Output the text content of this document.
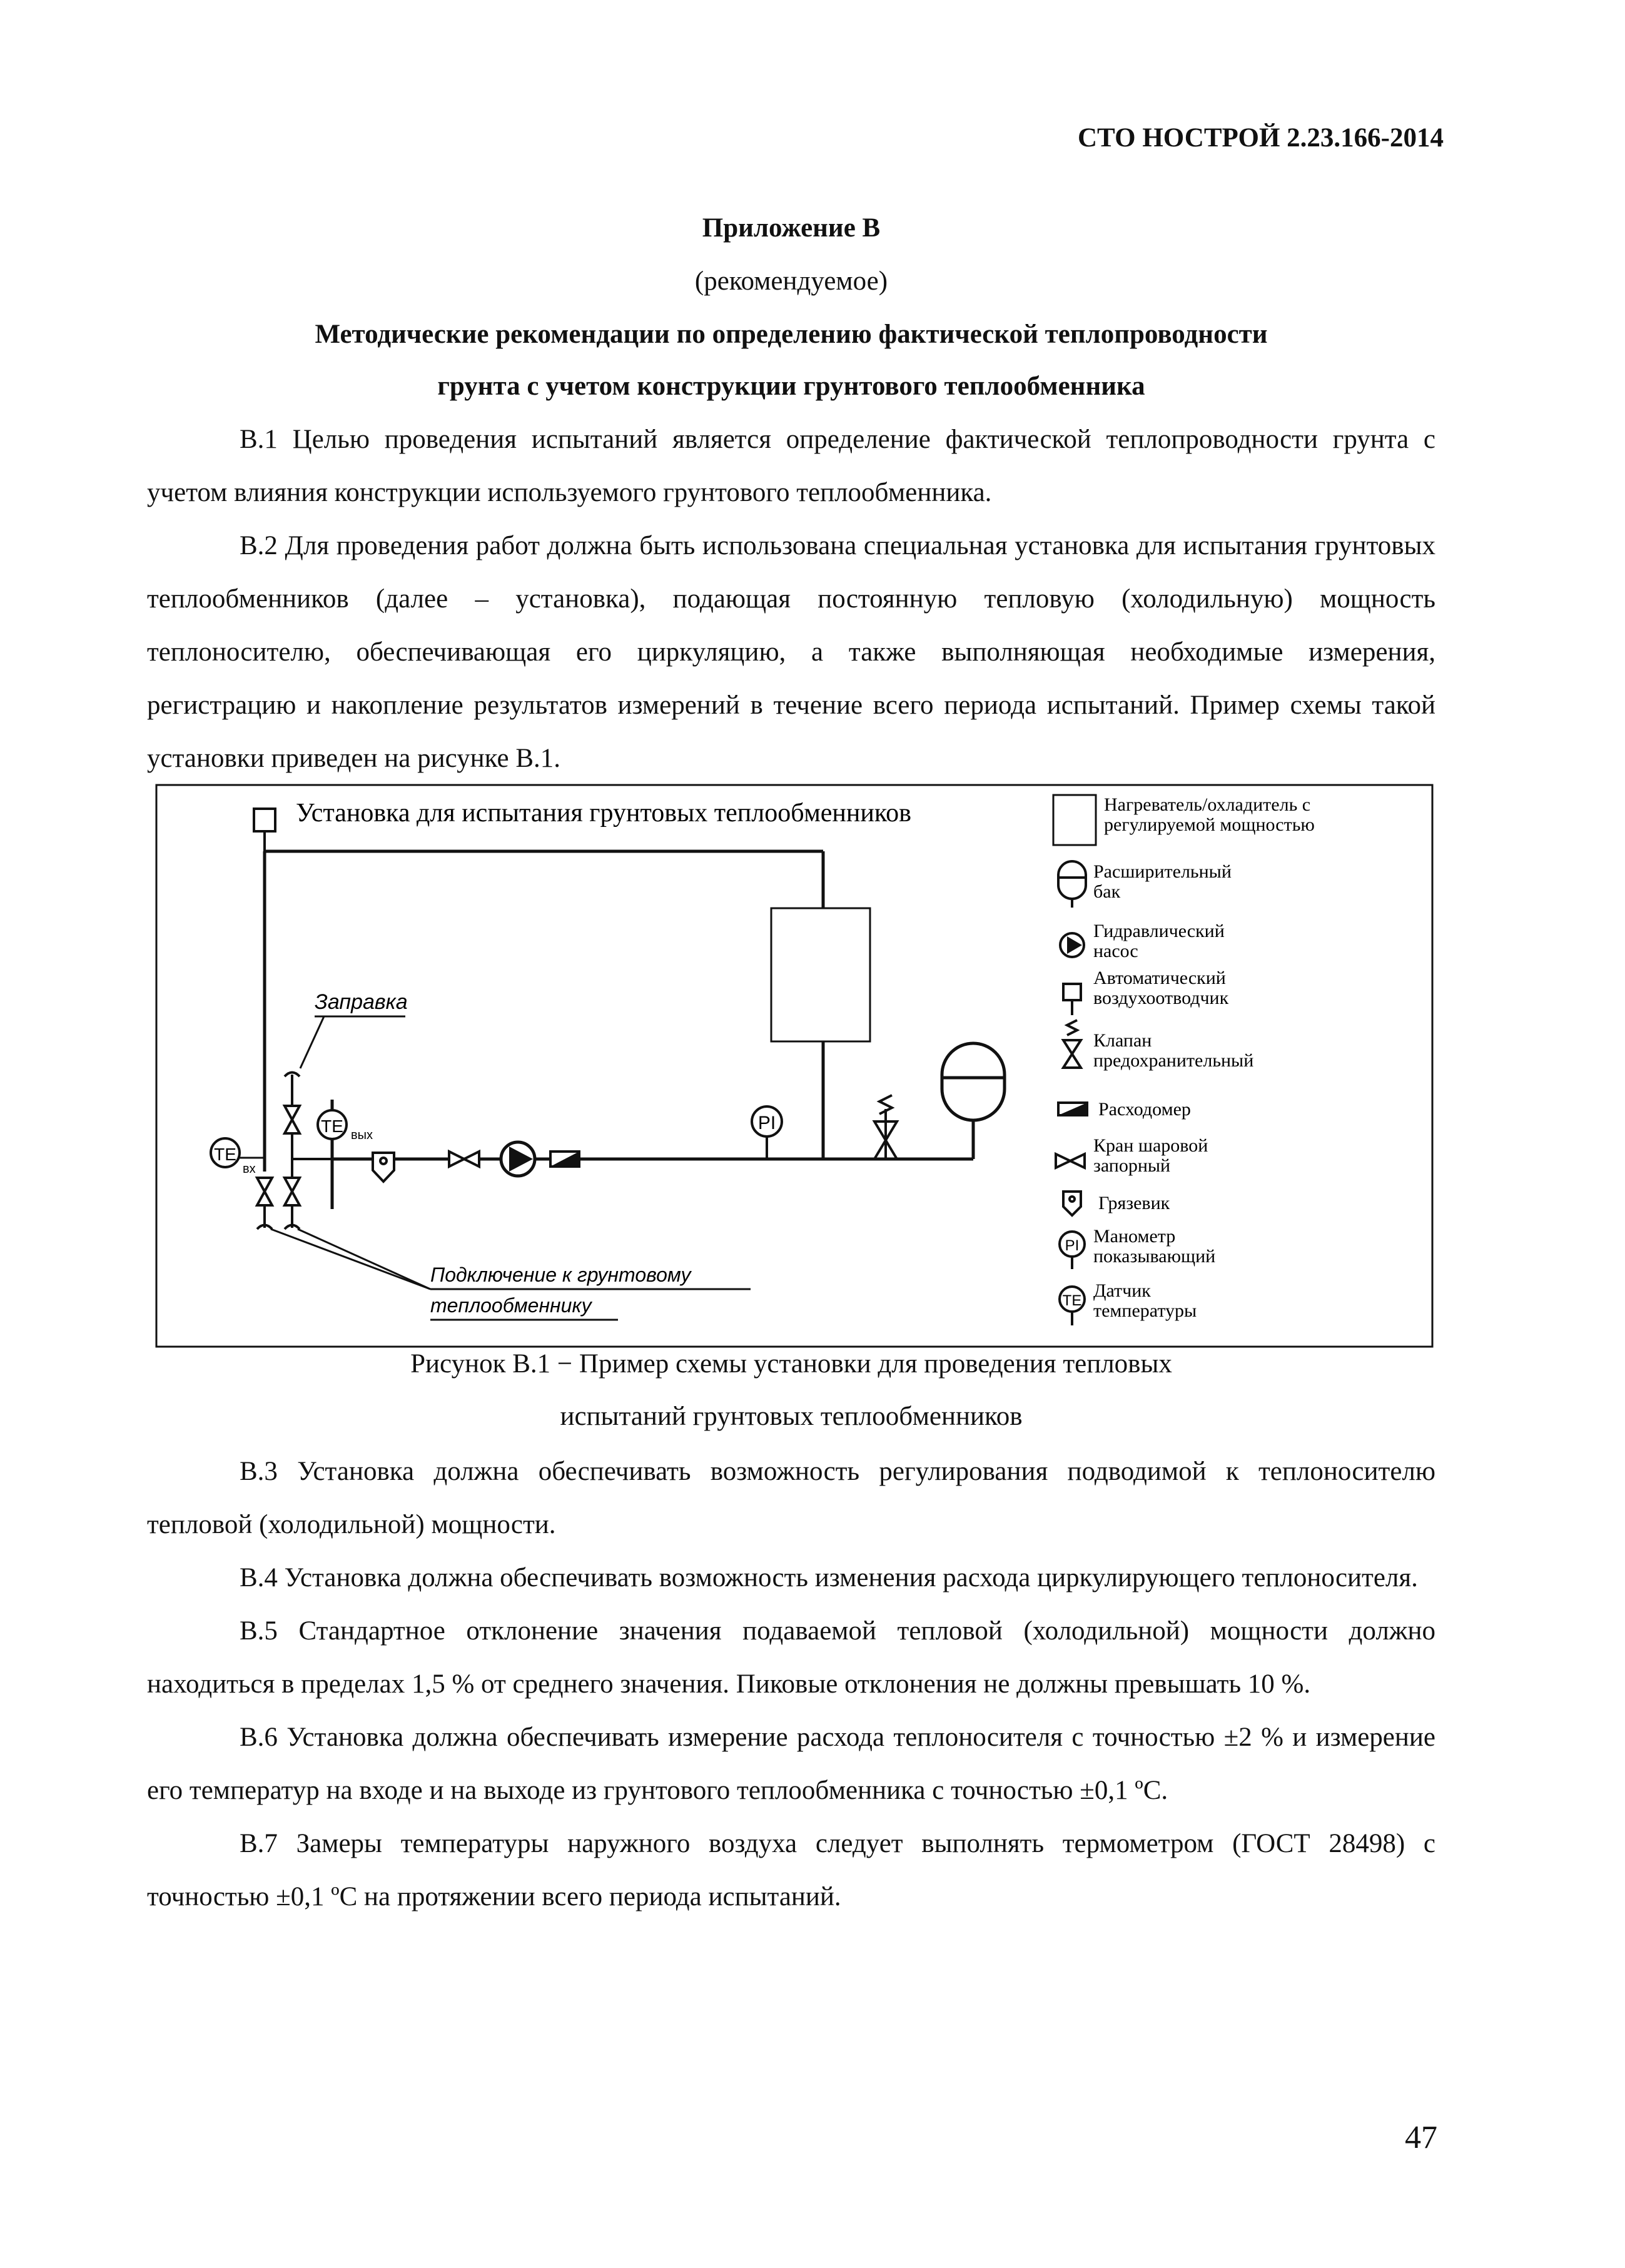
СТО НОСТРОЙ 2.23.166-2014
Приложение В
(рекомендуемое)
Методические рекомендации по определению фактической теплопроводности
грунта с учетом конструкции грунтового теплообменника

В.1 Целью проведения испытаний является определение фактической теплопроводности грунта с учетом влияния конструкции используемого грунтового теплообменника.

В.2 Для проведения работ должна быть использована специальная установка для испытания грунтовых теплообменников (далее – установка), подающая постоянную тепловую (холодильную) мощность теплоносителю, обеспечивающая его циркуляцию, а также выполняющая необходимые измерения, регистрацию и накопление результатов измерений в течение всего периода испытаний. Пример схемы такой установки приведен на рисунке В.1.

Установка для испытания грунтовых теплообменников
PI
TE вых
TE
вх
Заправка
Подключение к грунтовому
теплообменнику
Нагреватель/охладитель с
регулируемой мощностью
Расширительный
бак
Гидравлический
насос
Автоматический
воздухоотводчик
Клапан
предохранительный
Расходомер
Кран шаровой
запорный
Грязевик
PI Манометр
показывающий
TE Датчик
температуры
Рисунок В.1 − Пример схемы установки для проведения тепловых
испытаний грунтовых теплообменников

В.3 Установка должна обеспечивать возможность регулирования подводимой к теплоносителю тепловой (холодильной) мощности.

В.4 Установка должна обеспечивать возможность изменения расхода циркулирующего теплоносителя.

В.5 Стандартное отклонение значения подаваемой тепловой (холодильной) мощности должно находиться в пределах 1,5 % от среднего значения. Пиковые отклонения не должны превышать 10 %.

В.6 Установка должна обеспечивать измерение расхода теплоносителя с точностью ±2 % и измерение его температур на входе и на выходе из грунтового теплообменника с точностью ±0,1 ºС.

В.7 Замеры температуры наружного воздуха следует выполнять термометром (ГОСТ 28498) с точностью ±0,1 ºС на протяжении всего периода испытаний.

47
